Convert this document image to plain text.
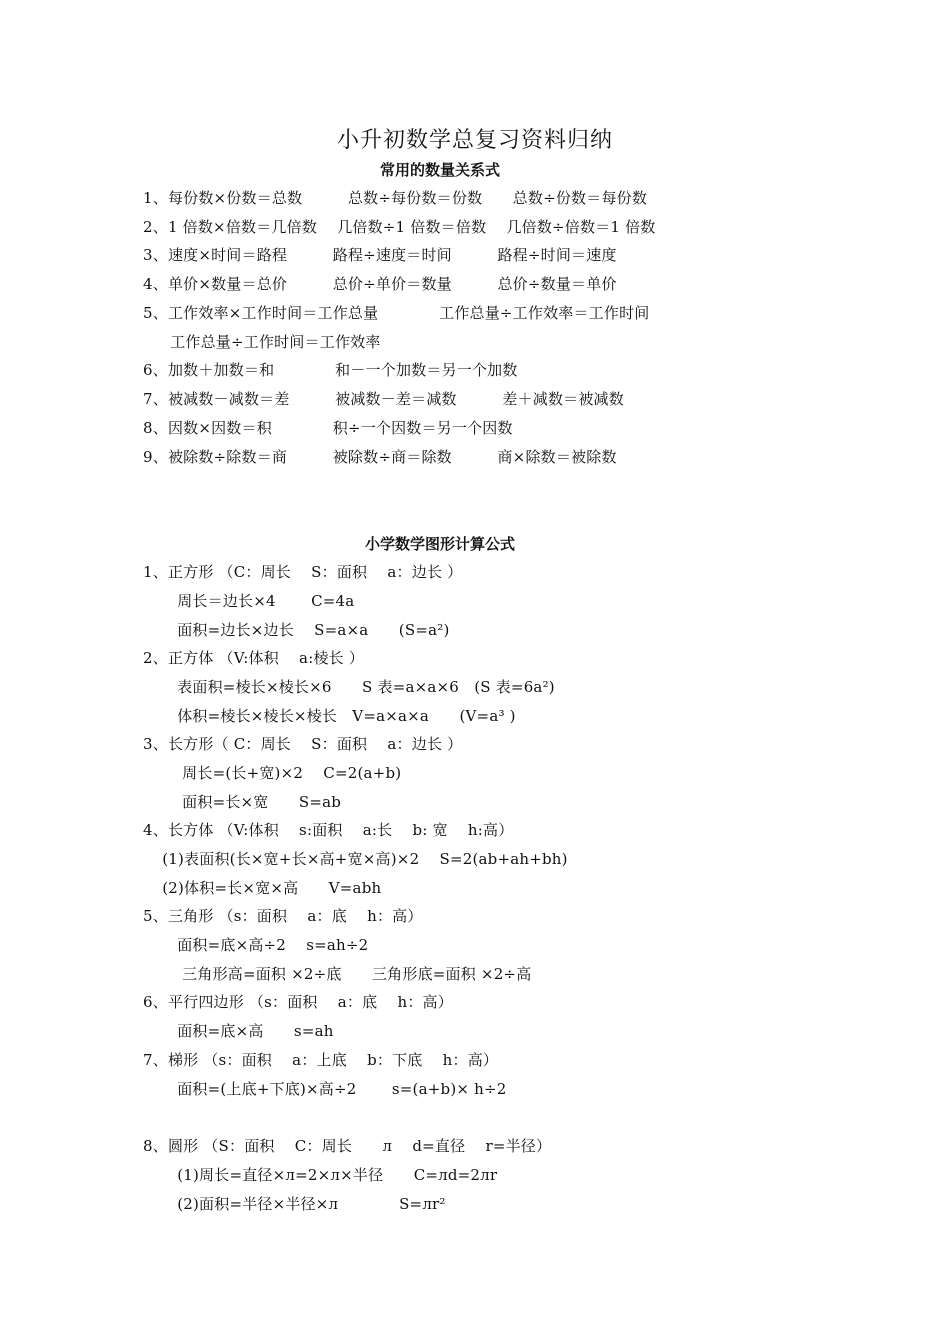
小升初数学总复习资料归纳
常用的数量关系式
1、每份数×份数＝总数　　　总数÷每份数＝份数　　总数÷份数＝每份数
2、1 倍数×倍数＝几倍数　 几倍数÷1 倍数＝倍数　 几倍数÷倍数＝1 倍数
3、速度×时间＝路程　　　路程÷速度＝时间　　　路程÷时间＝速度
4、单价×数量＝总价　　　总价÷单价＝数量　　　总价÷数量＝单价
5、工作效率×工作时间＝工作总量　　　　工作总量÷工作效率＝工作时间
　工作总量÷工作时间＝工作效率
6、加数＋加数＝和　　　　和－一个加数＝另一个加数
7、被减数－减数＝差　　　被减数－差＝减数　　　差＋减数＝被减数
8、因数×因数＝积　　　　积÷一个因数＝另一个因数
9、被除数÷除数＝商　　　被除数÷商＝除数　　　商×除数＝被除数
小学数学图形计算公式
1、正方形 （C：周长　 S：面积　 a：边长 ）
　周长＝边长×4　　 C=4a
　面积=边长×边长　 S=a×a　　(S=a²)
2、正方体 （V:体积　 a:棱长 ）
　表面积=棱长×棱长×6　　S 表=a×a×6　(S 表=6a²)
　体积=棱长×棱长×棱长　V=a×a×a　　(V=a³ )
3、长方形（ C：周长　 S：面积　 a：边长 ）
　 周长=(长+宽)×2　 C=2(a+b)
　 面积=长×宽　　S=ab
4、长方体 （V:体积　 s:面积　 a:长　 b: 宽　 h:高）
　(1)表面积(长×宽+长×高+宽×高)×2　 S=2(ab+ah+bh)
　(2)体积=长×宽×高　　V=abh
5、三角形 （s：面积　 a：底　 h：高）
　面积=底×高÷2　 s=ah÷2
　 三角形高=面积 ×2÷底　　三角形底=面积 ×2÷高
6、平行四边形 （s：面积　 a：底　 h：高）
　面积=底×高　　s=ah
7、梯形 （s：面积　 a：上底　 b：下底　 h：高）
　面积=(上底+下底)×高÷2　　 s=(a+b)× h÷2
8、圆形 （S：面积　 C：周长　　л　 d=直径　 r=半径）
　(1)周长=直径×л=2×л×半径　　C=лd=2лr
　(2)面积=半径×半径×л　　　　S=лr²
